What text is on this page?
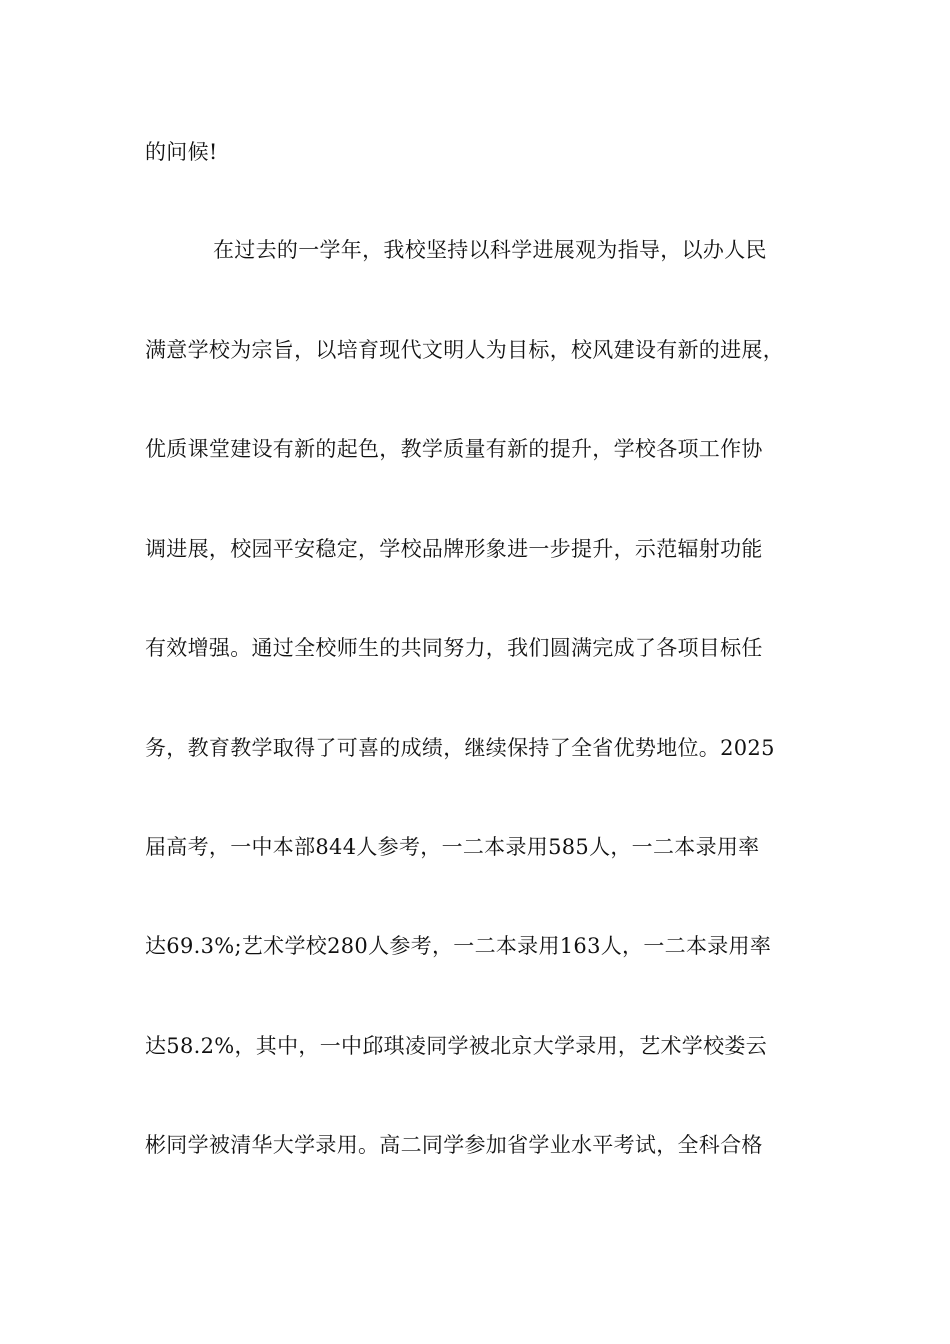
的问候!
在过去的一学年，我校坚持以科学进展观为指导，以办人民
满意学校为宗旨，以培育现代文明人为目标，校风建设有新的进展，
优质课堂建设有新的起色，教学质量有新的提升，学校各项工作协
调进展，校园平安稳定，学校品牌形象进一步提升，示范辐射功能
有效增强。通过全校师生的共同努力，我们圆满完成了各项目标任
务，教育教学取得了可喜的成绩，继续保持了全省优势地位。2025
届高考，一中本部844人参考，一二本录用585人，一二本录用率
达69.3%;艺术学校280人参考，一二本录用163人，一二本录用率
达58.2%，其中，一中邱琪凌同学被北京大学录用，艺术学校娄云
彬同学被清华大学录用。高二同学参加省学业水平考试，全科合格
